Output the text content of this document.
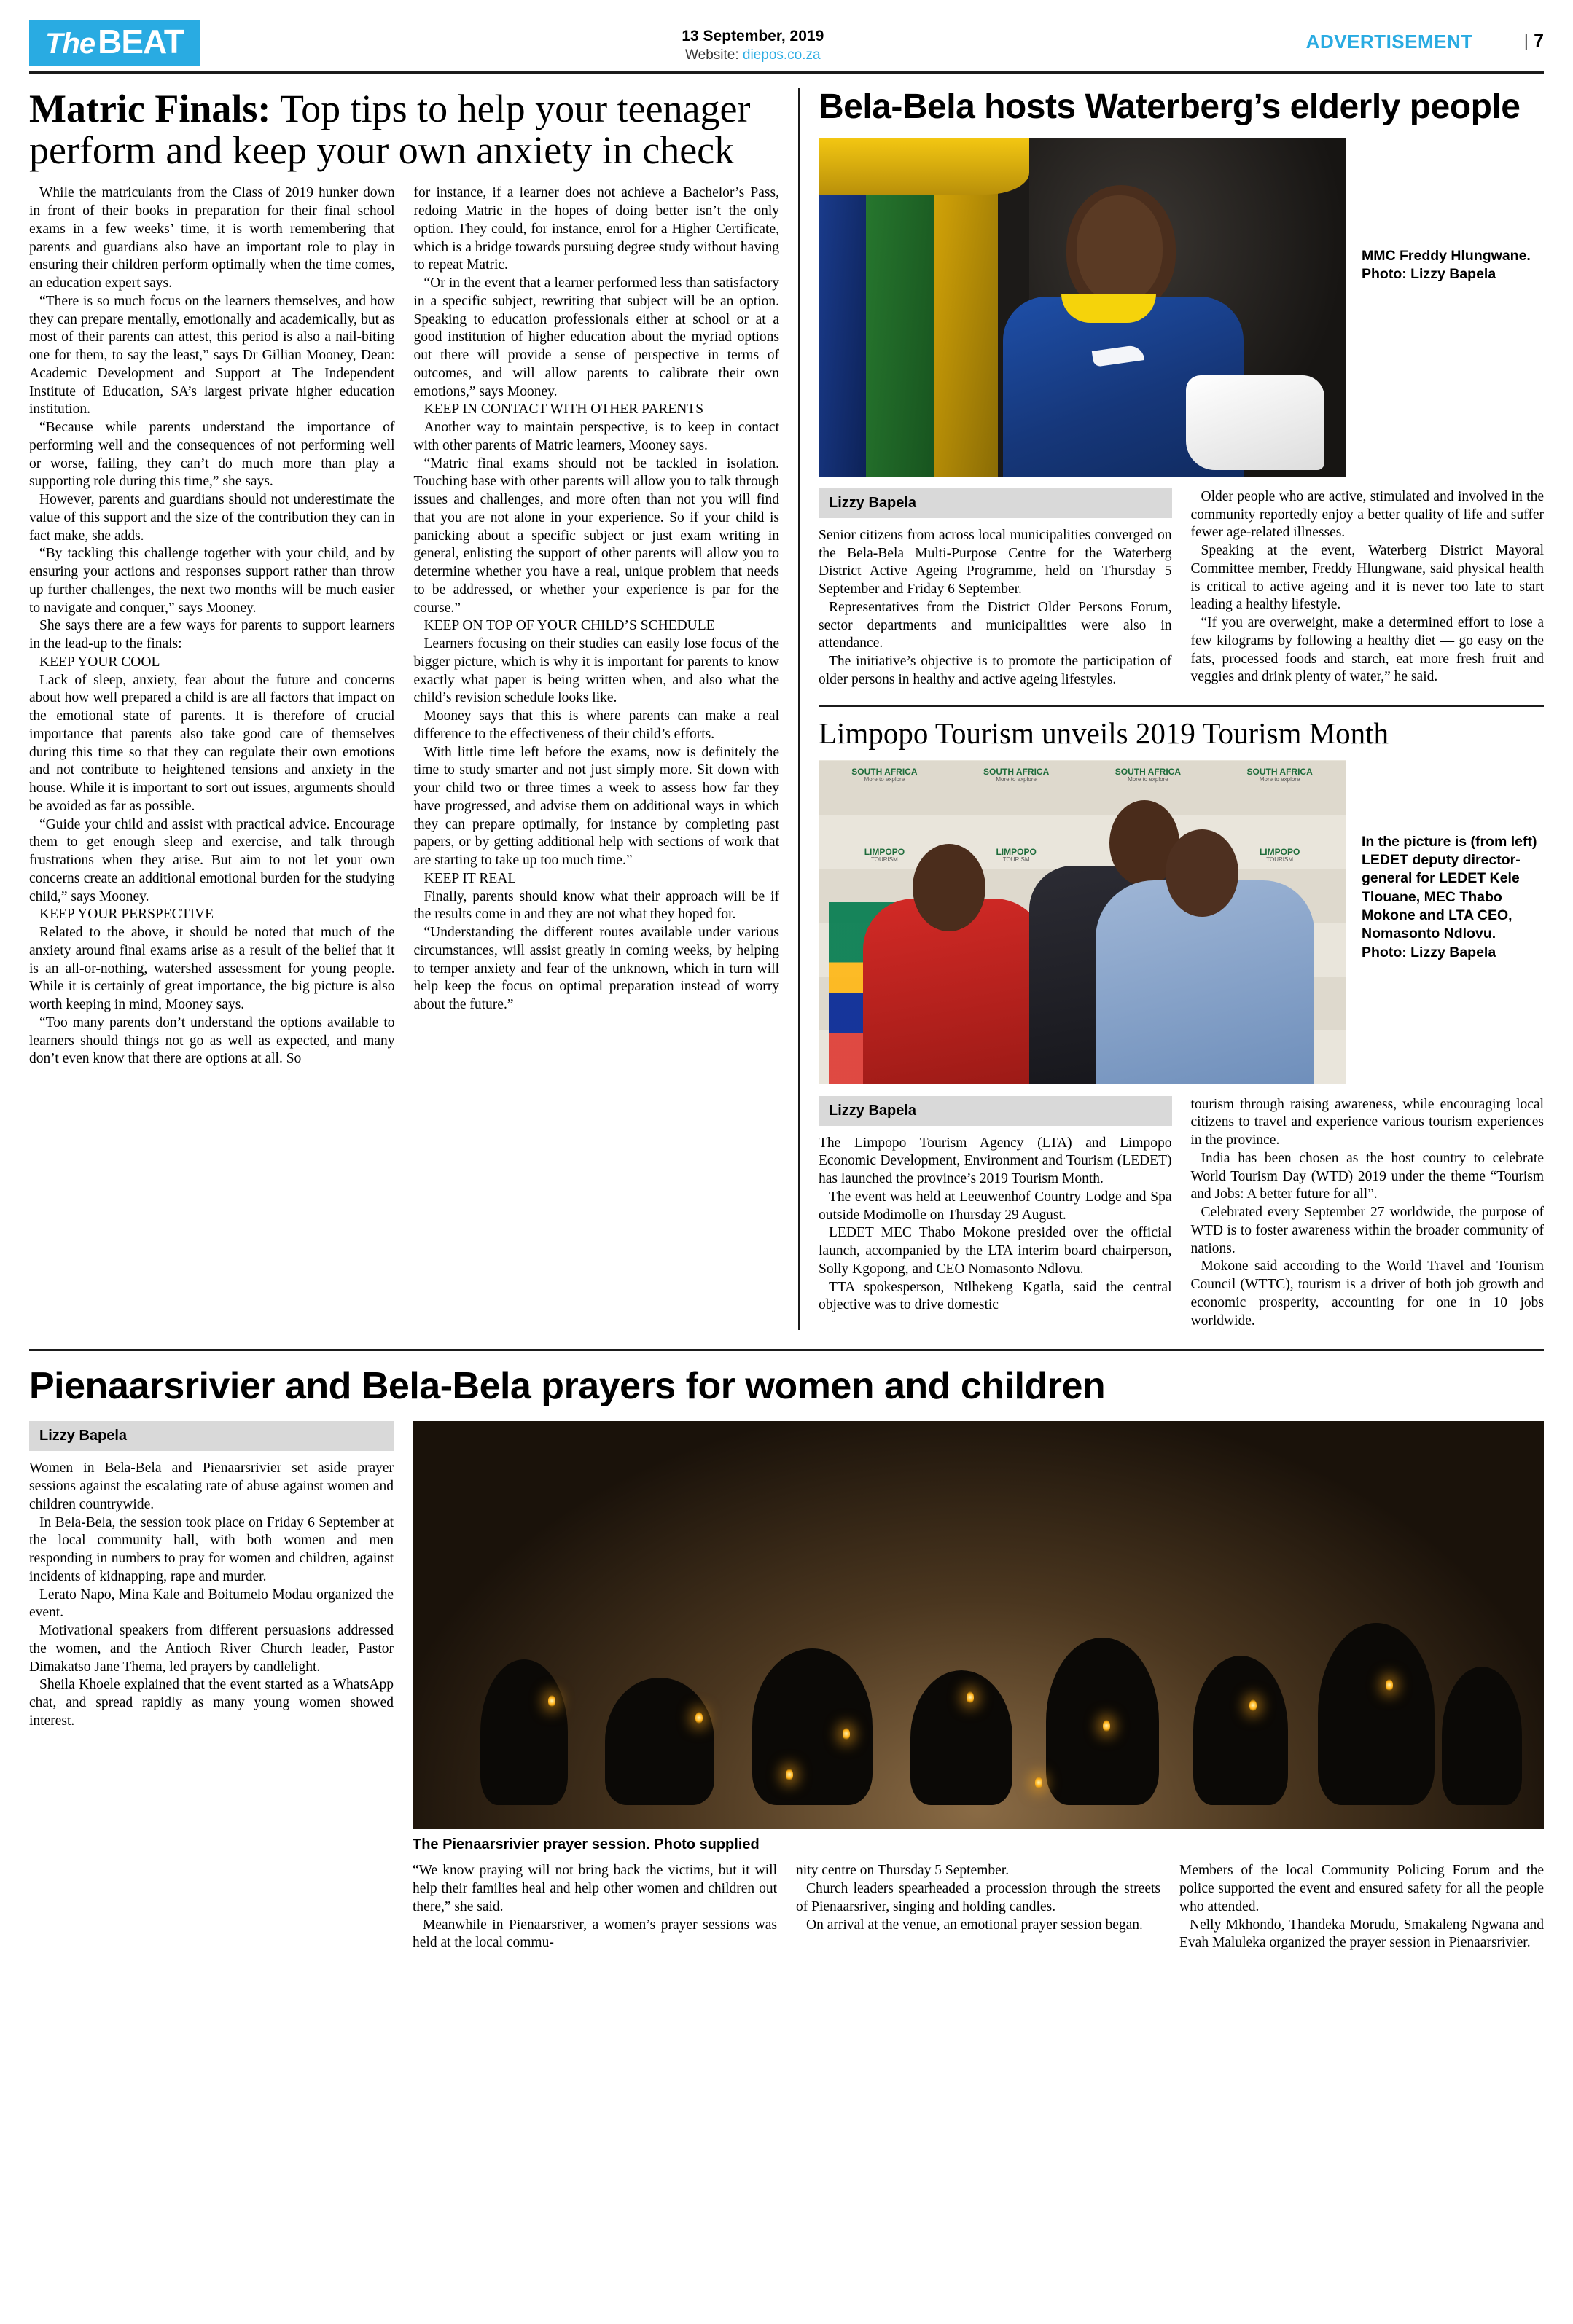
TheBEAT	13 September, 2019
Website: diepos.co.za
ADVERTISEMENT	| 7
Matric Finals: Top tips to help your teenager perform and keep your own anxiety in check

While the matriculants from the Class of 2019 hunker down in front of their books in preparation for their final school exams in a few weeks’ time, it is worth remembering that parents and guardians also have an important role to play in ensuring their children perform optimally when the time comes, an education expert says.

“There is so much focus on the learners themselves, and how they can prepare mentally, emotionally and academically, but as most of their parents can attest, this period is also a nail-biting one for them, to say the least,” says Dr Gillian Mooney, Dean: Academic Development and Support at The Independent Institute of Education, SA’s largest private higher education institution.

“Because while parents understand the importance of performing well and the consequences of not performing well or worse, failing, they can’t do much more than play a supporting role during this time,” she says.

However, parents and guardians should not underestimate the value of this support and the size of the contribution they can in fact make, she adds.

“By tackling this challenge together with your child, and by ensuring your actions and responses support rather than throw up further challenges, the next two months will be much easier to navigate and conquer,” says Mooney.

She says there are a few ways for parents to support learners in the lead-up to the finals:

KEEP YOUR COOL

Lack of sleep, anxiety, fear about the future and concerns about how well prepared a child is are all factors that impact on the emotional state of parents. It is therefore of crucial importance that parents also take good care of themselves during this time so that they can regulate their own emotions and not contribute to heightened tensions and anxiety in the house. While it is important to sort out issues, arguments should be avoided as far as possible.

“Guide your child and assist with practical advice. Encourage them to get enough sleep and exercise, and talk through frustrations when they arise. But aim to not let your own concerns create an additional emotional burden for the studying child,” says Mooney.

KEEP YOUR PERSPECTIVE

Related to the above, it should be noted that much of the anxiety around final exams arise as a result of the belief that it is an all-or-nothing, watershed assessment for young people. While it is certainly of great importance, the big picture is also worth keeping in mind, Mooney says.

“Too many parents don’t understand the options available to learners should things not go as well as expected, and many don’t even know that there are options at all. So

for instance, if a learner does not achieve a Bachelor’s Pass, redoing Matric in the hopes of doing better isn’t the only option. They could, for instance, enrol for a Higher Certificate, which is a bridge towards pursuing degree study without having to repeat Matric.

“Or in the event that a learner performed less than satisfactory in a specific subject, rewriting that subject will be an option. Speaking to education professionals either at school or at a good institution of higher education about the myriad options out there will provide a sense of perspective in terms of outcomes, and will allow parents to calibrate their own emotions,” says Mooney.

KEEP IN CONTACT WITH OTHER PARENTS

Another way to maintain perspective, is to keep in contact with other parents of Matric learners, Mooney says.

“Matric final exams should not be tackled in isolation. Touching base with other parents will allow you to talk through issues and challenges, and more often than not you will find that you are not alone in your experience. So if your child is panicking about a specific subject or just exam writing in general, enlisting the support of other parents will allow you to determine whether you have a real, unique problem that needs to be addressed, or whether your experience is par for the course.”

KEEP ON TOP OF YOUR CHILD’S SCHEDULE

Learners focusing on their studies can easily lose focus of the bigger picture, which is why it is important for parents to know exactly what paper is being written when, and also what the child’s revision schedule looks like.

Mooney says that this is where parents can make a real difference to the effectiveness of their child’s efforts.

With little time left before the exams, now is definitely the time to study smarter and not just simply more. Sit down with your child two or three times a week to assess how far they have progressed, and advise them on additional ways in which they can prepare optimally, for instance by completing past papers, or by getting additional help with sections of work that are starting to take up too much time.”

KEEP IT REAL

Finally, parents should know what their approach will be if the results come in and they are not what they hoped for.

“Understanding the different routes available under various circumstances, will assist greatly in coming weeks, by helping to temper anxiety and fear of the unknown, which in turn will help keep the focus on optimal preparation instead of worry about the future.”

Bela-Bela hosts Waterberg’s elderly people
MMC Freddy Hlungwane. Photo: Lizzy Bapela
Lizzy Bapela

Senior citizens from across local municipalities converged on the Bela-Bela Multi-Purpose Centre for the Waterberg District Active Ageing Programme, held on Thursday 5 September and Friday 6 September.

Representatives from the District Older Persons Forum, sector departments and municipalities were also in attendance.

The initiative’s objective is to promote the participation of older persons in healthy and active ageing lifestyles.

Older people who are active, stimulated and involved in the community reportedly enjoy a better quality of life and suffer fewer age-related illnesses.

Speaking at the event, Waterberg District Mayoral Committee member, Freddy Hlungwane, said physical health is critical to active ageing and it is never too late to start leading a healthy lifestyle.

“If you are overweight, make a determined effort to lose a few kilograms by following a healthy diet — go easy on the fats, processed foods and starch, eat more fresh fruit and veggies and drink plenty of water,” he said.

Limpopo Tourism unveils 2019 Tourism Month
SOUTH AFRICA
More to explore
SOUTH AFRICA
More to explore
SOUTH AFRICA
More to explore
SOUTH AFRICA
More to explore
LIMPOPO
TOURISM
LIMPOPO
TOURISM
LIMPOPO
TOURISM
In the picture is (from left) LEDET deputy director-general for LEDET Kele Tlouane, MEC Thabo Mokone and LTA CEO, Nomasonto Ndlovu. Photo: Lizzy Bapela
Lizzy Bapela

The Limpopo Tourism Agency (LTA) and Limpopo Economic Development, Environment and Tourism (LEDET) has launched the province’s 2019 Tourism Month.

The event was held at Leeuwenhof Country Lodge and Spa outside Modimolle on Thursday 29 August.

LEDET MEC Thabo Mokone presided over the official launch, accompanied by the LTA interim board chairperson, Solly Kgopong, and CEO Nomasonto Ndlovu.

TTA spokesperson, Ntlhekeng Kgatla, said the central objective was to drive domestic

tourism through raising awareness, while encouraging local citizens to travel and experience various tourism experiences in the province.

India has been chosen as the host country to celebrate World Tourism Day (WTD) 2019 under the theme “Tourism and Jobs: A better future for all”.

Celebrated every September 27 worldwide, the purpose of WTD is to foster awareness within the broader community of nations.

Mokone said according to the World Travel and Tourism Council (WTTC), tourism is a driver of both job growth and economic prosperity, accounting for one in 10 jobs worldwide.

Pienaarsrivier and Bela-Bela prayers for women and children
Lizzy Bapela

Women in Bela-Bela and Pienaarsrivier set aside prayer sessions against the escalating rate of abuse against women and children countrywide.

In Bela-Bela, the session took place on Friday 6 September at the local community hall, with both women and men responding in numbers to pray for women and children, against incidents of kidnapping, rape and murder.

Lerato Napo, Mina Kale and Boitumelo Modau organized the event.

Motivational speakers from different persuasions addressed the women, and the Antioch River Church leader, Pastor Dimakatso Jane Thema, led prayers by candlelight.

Sheila Khoele explained that the event started as a WhatsApp chat, and spread rapidly as many young women showed interest.

The Pienaarsrivier prayer session. Photo supplied

“We know praying will not bring back the victims, but it will help their families heal and help other women and children out there,” she said.

Meanwhile in Pienaarsriver, a women’s prayer sessions was held at the local commu-

nity centre on Thursday 5 September.

Church leaders spearheaded a procession through the streets of Pienaarsriver, singing and holding candles.

On arrival at the venue, an emotional prayer session began.

Members of the local Community Policing Forum and the police supported the event and ensured safety for all the people who attended.

Nelly Mkhondo, Thandeka Morudu, Smakaleng Ngwana and Evah Maluleka organized the prayer session in Pienaarsrivier.
